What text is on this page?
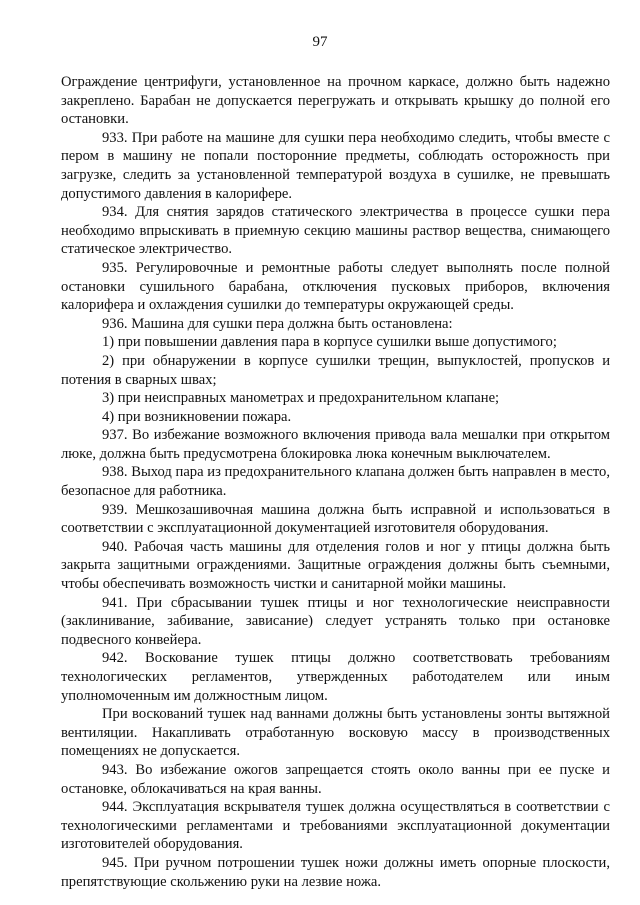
97

Ограждение центрифуги, установленное на прочном каркасе, должно быть надежно закреплено. Барабан не допускается перегружать и открывать крышку до полной его остановки.

933. При работе на машине для сушки пера необходимо следить, чтобы вместе с пером в машину не попали посторонние предметы, соблюдать осторожность при загрузке, следить за установленной температурой воздуха в сушилке, не превышать допустимого давления в калорифере.

934. Для снятия зарядов статического электричества в процессе сушки пера необходимо впрыскивать в приемную секцию машины раствор вещества, снимающего статическое электричество.

935. Регулировочные и ремонтные работы следует выполнять после полной остановки сушильного барабана, отключения пусковых приборов, включения калорифера и охлаждения сушилки до температуры окружающей среды.

936. Машина для сушки пера должна быть остановлена:

1) при повышении давления пара в корпусе сушилки выше допустимого;

2) при обнаружении в корпусе сушилки трещин, выпуклостей, пропусков и потения в сварных швах;

3) при неисправных манометрах и предохранительном клапане;

4) при возникновении пожара.

937. Во избежание возможного включения привода вала мешалки при открытом люке, должна быть предусмотрена блокировка люка конечным выключателем.

938. Выход пара из предохранительного клапана должен быть направлен в место, безопасное для работника.

939. Мешкозашивочная машина должна быть исправной и использоваться в соответствии с эксплуатационной документацией изготовителя оборудования.

940. Рабочая часть машины для отделения голов и ног у птицы должна быть закрыта защитными ограждениями. Защитные ограждения должны быть съемными, чтобы обеспечивать возможность чистки и санитарной мойки машины.

941. При сбрасывании тушек птицы и ног технологические неисправности (заклинивание, забивание, зависание) следует устранять только при остановке подвесного конвейера.

942. Воскование тушек птицы должно соответствовать требованиям технологических регламентов, утвержденных работодателем или иным уполномоченным им должностным лицом.

При воскований тушек над ваннами должны быть установлены зонты вытяжной вентиляции. Накапливать отработанную восковую массу в производственных помещениях не допускается.

943. Во избежание ожогов запрещается стоять около ванны при ее пуске и остановке, облокачиваться на края ванны.

944. Эксплуатация вскрывателя тушек должна осуществляться в соответствии с технологическими регламентами и требованиями эксплуатационной документации изготовителей оборудования.

945. При ручном потрошении тушек ножи должны иметь опорные плоскости, препятствующие скольжению руки на лезвие ножа.
